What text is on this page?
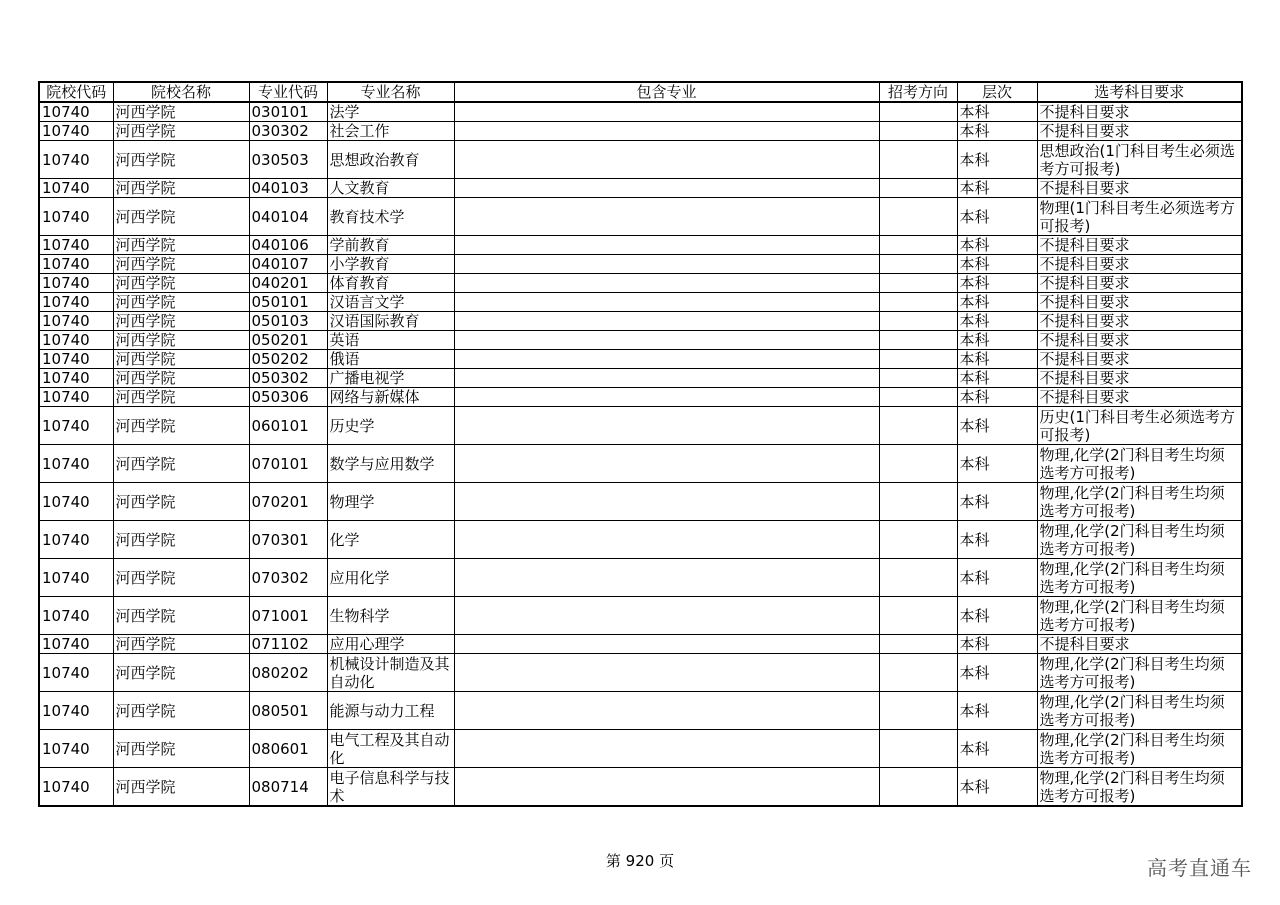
院校代码	院校名称	专业代码	专业名称	包含专业	招考方向	层次	选考科目要求
10740	河西学院	030101	法学			本科	不提科目要求
10740	河西学院	030302	社会工作			本科	不提科目要求
10740	河西学院	030503	思想政治教育			本科	思想政治(1门科目考生必须选考方可报考)
10740	河西学院	040103	人文教育			本科	不提科目要求
10740	河西学院	040104	教育技术学			本科	物理(1门科目考生必须选考方可报考)
10740	河西学院	040106	学前教育			本科	不提科目要求
10740	河西学院	040107	小学教育			本科	不提科目要求
10740	河西学院	040201	体育教育			本科	不提科目要求
10740	河西学院	050101	汉语言文学			本科	不提科目要求
10740	河西学院	050103	汉语国际教育			本科	不提科目要求
10740	河西学院	050201	英语			本科	不提科目要求
10740	河西学院	050202	俄语			本科	不提科目要求
10740	河西学院	050302	广播电视学			本科	不提科目要求
10740	河西学院	050306	网络与新媒体			本科	不提科目要求
10740	河西学院	060101	历史学			本科	历史(1门科目考生必须选考方可报考)
10740	河西学院	070101	数学与应用数学			本科	物理,化学(2门科目考生均须选考方可报考)
10740	河西学院	070201	物理学			本科	物理,化学(2门科目考生均须选考方可报考)
10740	河西学院	070301	化学			本科	物理,化学(2门科目考生均须选考方可报考)
10740	河西学院	070302	应用化学			本科	物理,化学(2门科目考生均须选考方可报考)
10740	河西学院	071001	生物科学			本科	物理,化学(2门科目考生均须选考方可报考)
10740	河西学院	071102	应用心理学			本科	不提科目要求
10740	河西学院	080202	机械设计制造及其自动化			本科	物理,化学(2门科目考生均须选考方可报考)
10740	河西学院	080501	能源与动力工程			本科	物理,化学(2门科目考生均须选考方可报考)
10740	河西学院	080601	电气工程及其自动化			本科	物理,化学(2门科目考生均须选考方可报考)
10740	河西学院	080714	电子信息科学与技术			本科	物理,化学(2门科目考生均须选考方可报考)
第 920 页	高考直通车
